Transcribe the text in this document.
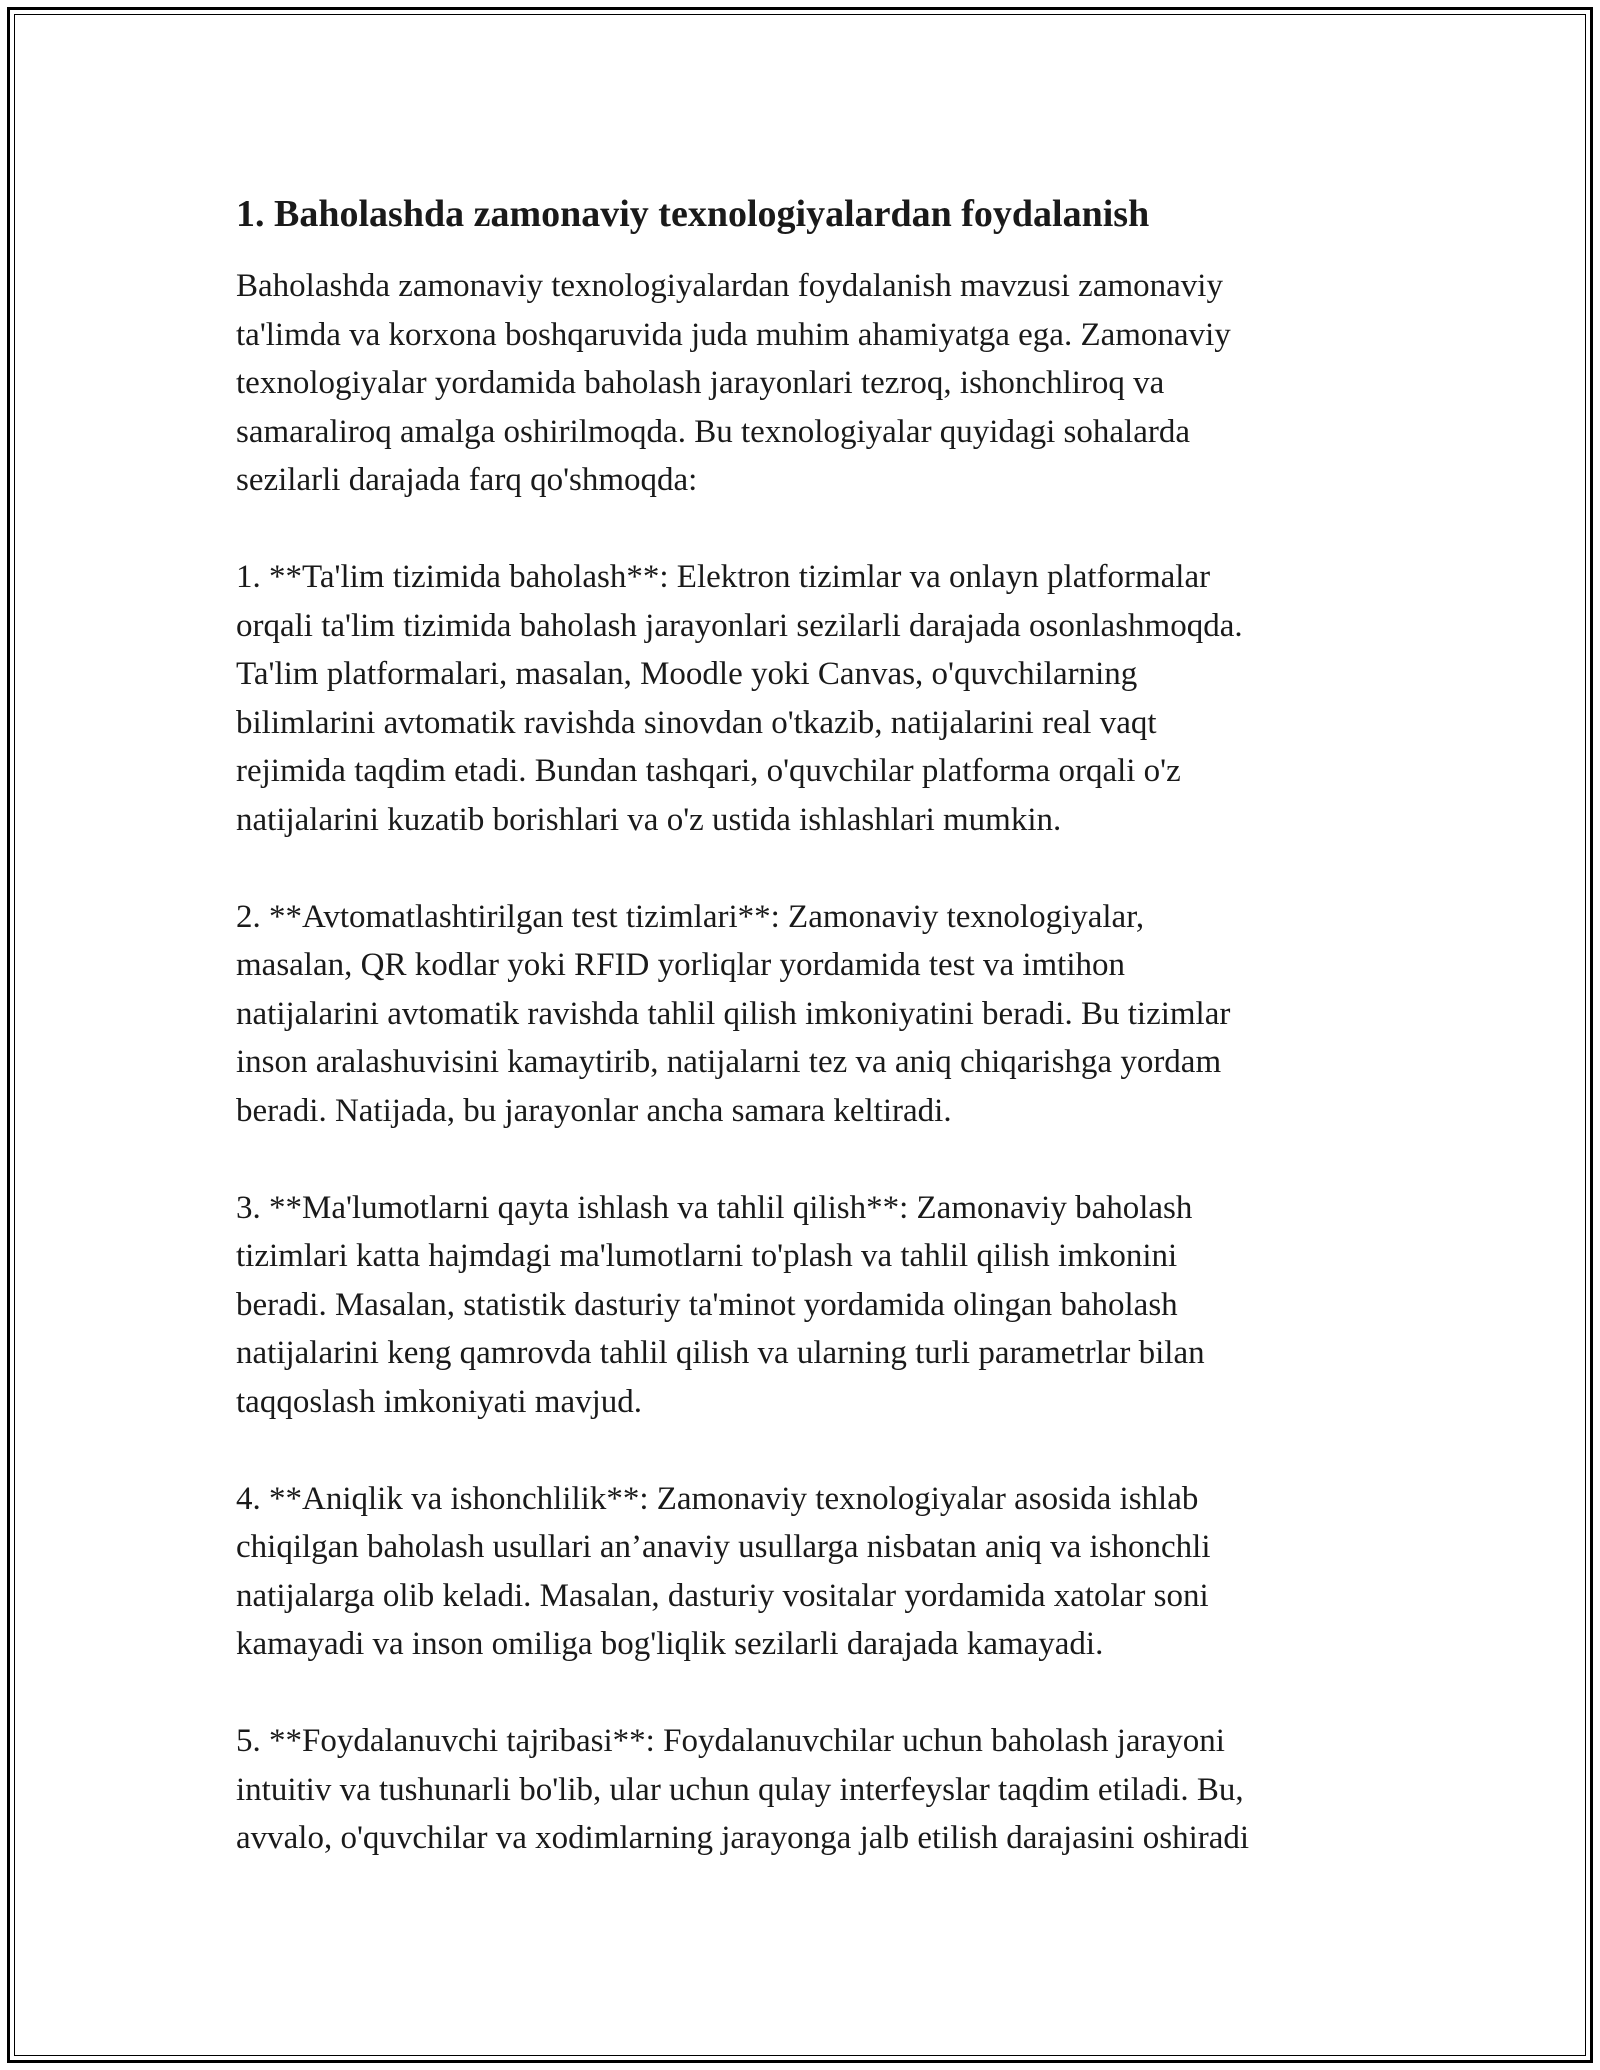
1. Baholashda zamonaviy texnologiyalardan foydalanish

Baholashda zamonaviy texnologiyalardan foydalanish mavzusi zamonaviy
ta'limda va korxona boshqaruvida juda muhim ahamiyatga ega. Zamonaviy
texnologiyalar yordamida baholash jarayonlari tezroq, ishonchliroq va
samaraliroq amalga oshirilmoqda. Bu texnologiyalar quyidagi sohalarda
sezilarli darajada farq qo'shmoqda:

1. **Ta'lim tizimida baholash**: Elektron tizimlar va onlayn platformalar
orqali ta'lim tizimida baholash jarayonlari sezilarli darajada osonlashmoqda.
Ta'lim platformalari, masalan, Moodle yoki Canvas, o'quvchilarning
bilimlarini avtomatik ravishda sinovdan o'tkazib, natijalarini real vaqt
rejimida taqdim etadi. Bundan tashqari, o'quvchilar platforma orqali o'z
natijalarini kuzatib borishlari va o'z ustida ishlashlari mumkin.

2. **Avtomatlashtirilgan test tizimlari**: Zamonaviy texnologiyalar,
masalan, QR kodlar yoki RFID yorliqlar yordamida test va imtihon
natijalarini avtomatik ravishda tahlil qilish imkoniyatini beradi. Bu tizimlar
inson aralashuvisini kamaytirib, natijalarni tez va aniq chiqarishga yordam
beradi. Natijada, bu jarayonlar ancha samara keltiradi.

3. **Ma'lumotlarni qayta ishlash va tahlil qilish**: Zamonaviy baholash
tizimlari katta hajmdagi ma'lumotlarni to'plash va tahlil qilish imkonini
beradi. Masalan, statistik dasturiy ta'minot yordamida olingan baholash
natijalarini keng qamrovda tahlil qilish va ularning turli parametrlar bilan
taqqoslash imkoniyati mavjud.

4. **Aniqlik va ishonchlilik**: Zamonaviy texnologiyalar asosida ishlab
chiqilgan baholash usullari an’anaviy usullarga nisbatan aniq va ishonchli
natijalarga olib keladi. Masalan, dasturiy vositalar yordamida xatolar soni
kamayadi va inson omiliga bog'liqlik sezilarli darajada kamayadi.

5. **Foydalanuvchi tajribasi**: Foydalanuvchilar uchun baholash jarayoni
intuitiv va tushunarli bo'lib, ular uchun qulay interfeyslar taqdim etiladi. Bu,
avvalo, o'quvchilar va xodimlarning jarayonga jalb etilish darajasini oshiradi
